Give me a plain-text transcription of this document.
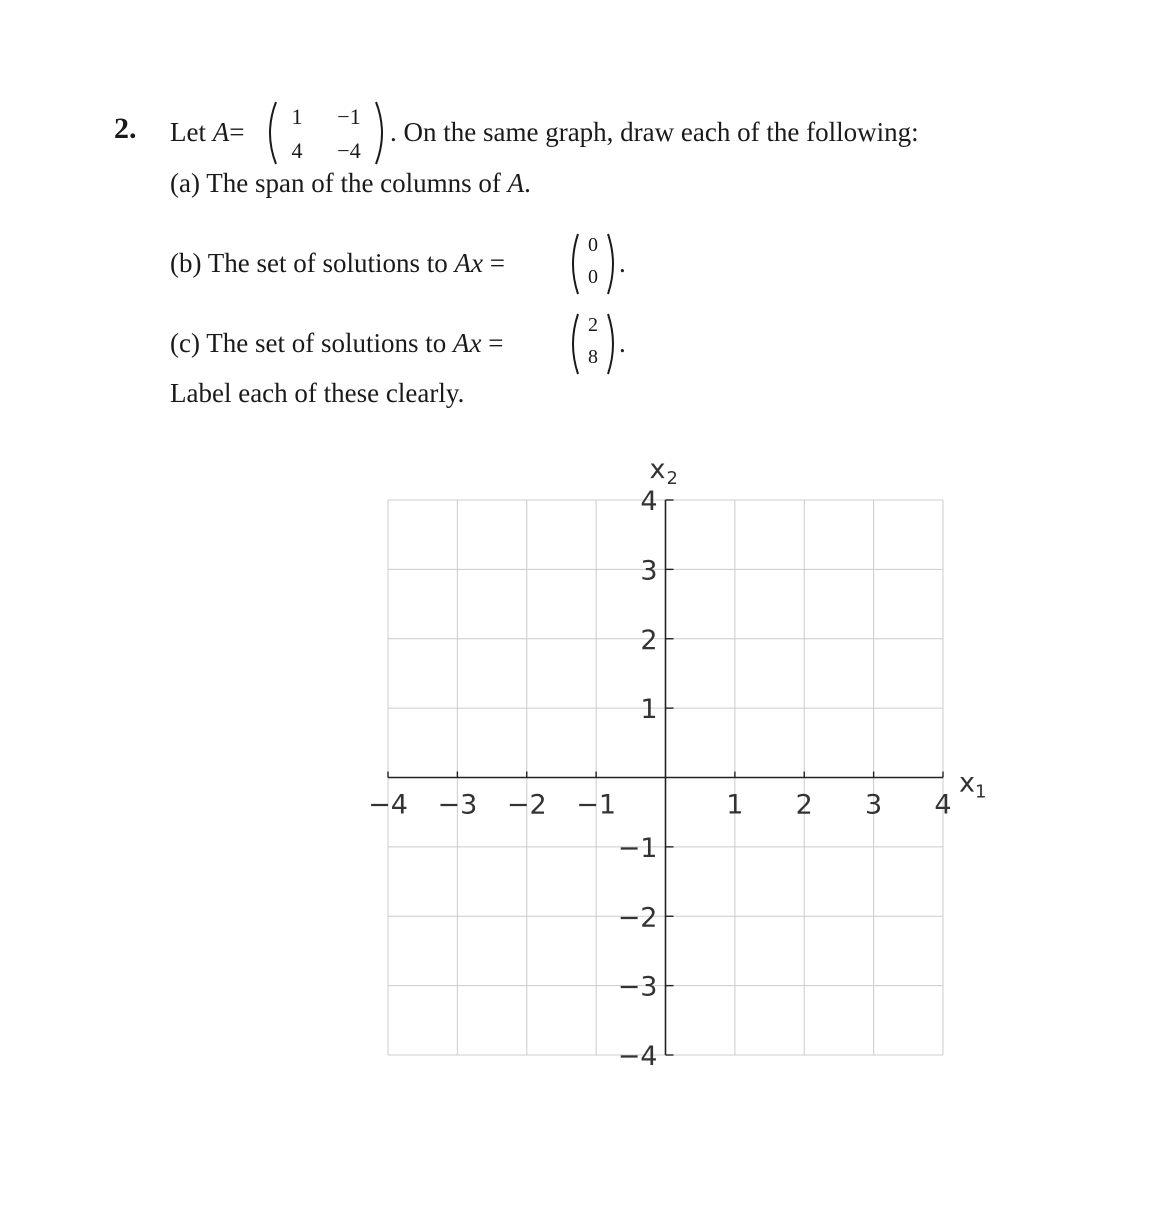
2. Let A=
1	−1
4	−4
. On the same graph, draw each of the following:
(a) The span of the columns of A.
(b) The set of solutions to Ax =
0
0 .
(c) The set of solutions to Ax =
2
8 .
Label each of these clearly.
−4 −3 −2 −1	1 2 3 4
−4
−3
−2
−1
1
2
3
4
x 1
x 2
